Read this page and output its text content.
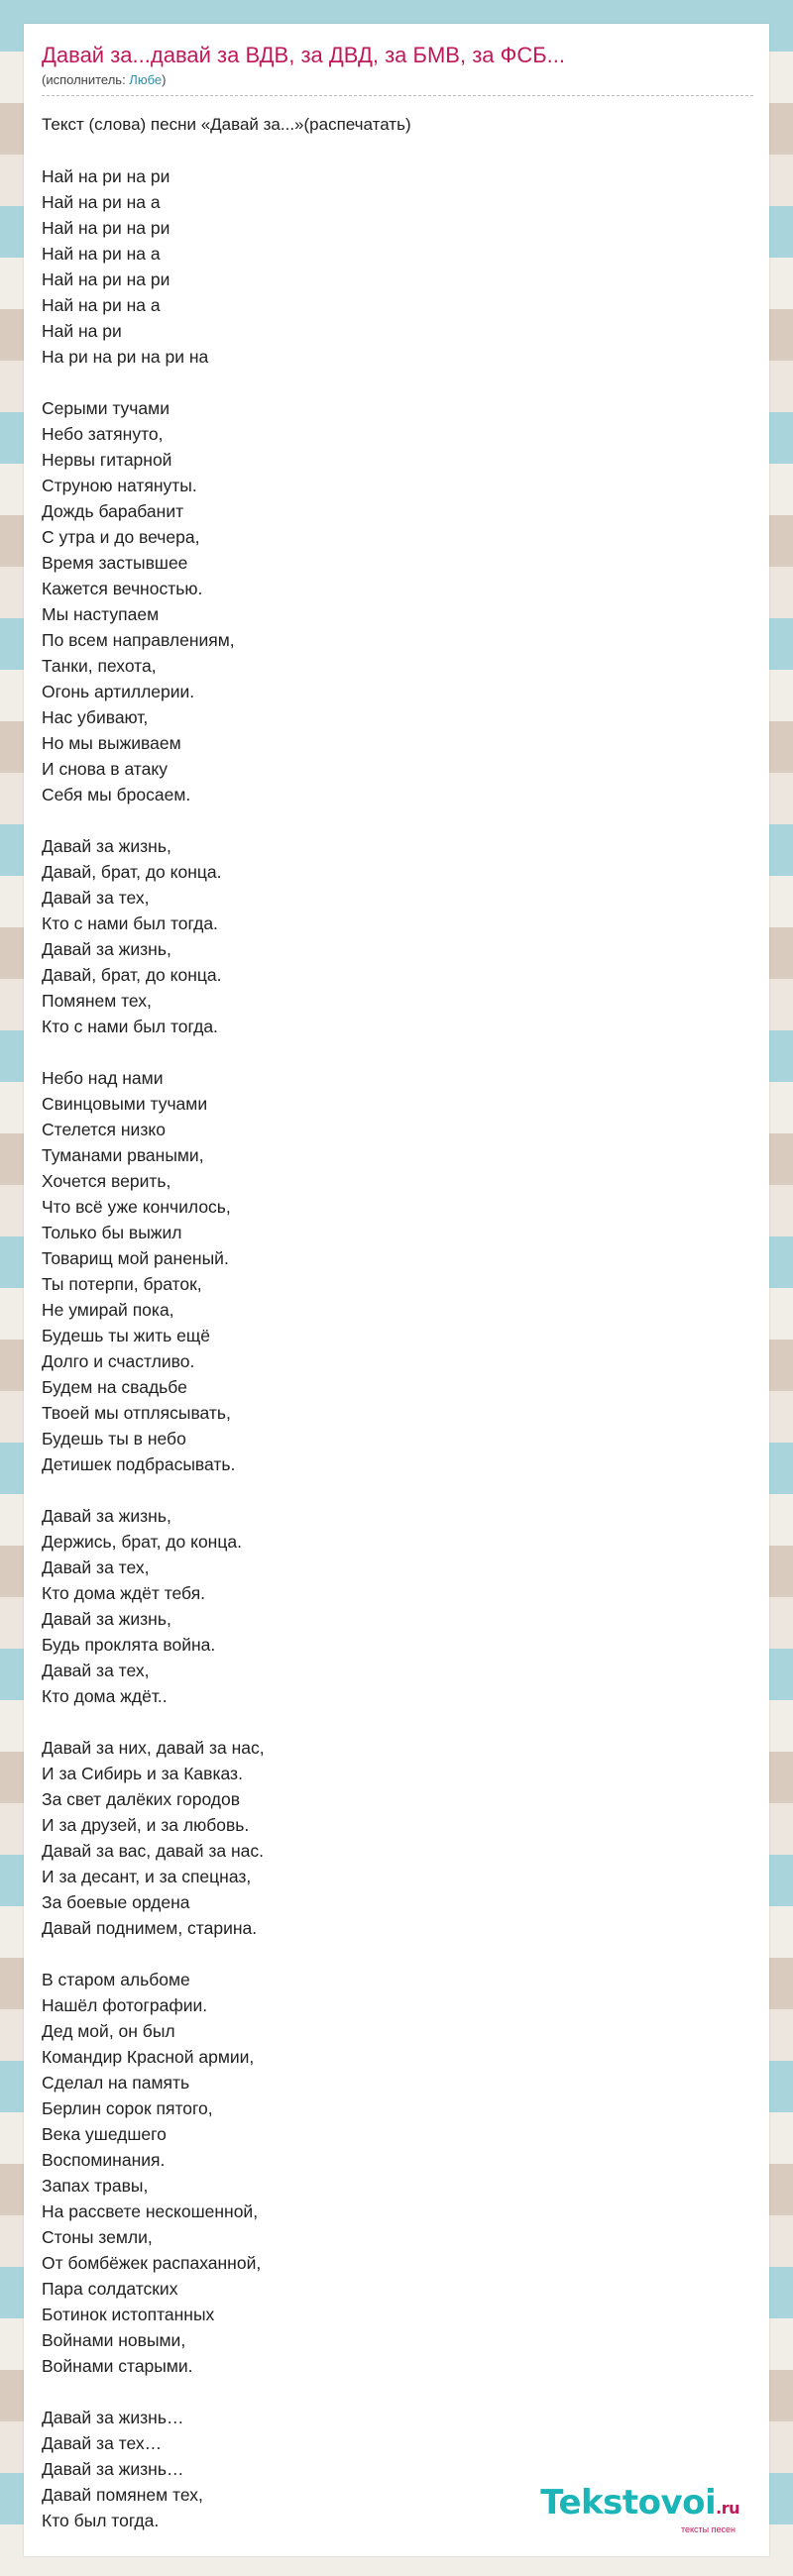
Давай за...давай за ВДВ, за ДВД, за БМВ, за ФСБ...
(исполнитель: Любе)
Текст (слова) песни «Давай за...»(распечатать)
Най на ри на ри
Най на ри на а
Най на ри на ри
Най на ри на а
Най на ри на ри
Най на ри на а
Най на ри
На ри на ри на ри на
Серыми тучами
Небо затянуто,
Нервы гитарной
Струною натянуты.
Дождь барабанит
С утра и до вечера,
Время застывшее
Кажется вечностью.
Мы наступаем
По всем направлениям,
Танки, пехота,
Огонь артиллерии.
Нас убивают,
Но мы выживаем
И снова в атаку
Себя мы бросаем.
Давай за жизнь,
Давай, брат, до конца.
Давай за тех,
Кто с нами был тогда.
Давай за жизнь,
Давай, брат, до конца.
Помянем тех,
Кто с нами был тогда.
Небо над нами
Свинцовыми тучами
Стелется низко
Туманами рваными,
Хочется верить,
Что всё уже кончилось,
Только бы выжил
Товарищ мой раненый.
Ты потерпи, браток,
Не умирай пока,
Будешь ты жить ещё
Долго и счастливо.
Будем на свадьбе
Твоей мы отплясывать,
Будешь ты в небо
Детишек подбрасывать.
Давай за жизнь,
Держись, брат, до конца.
Давай за тех,
Кто дома ждёт тебя.
Давай за жизнь,
Будь проклята война.
Давай за тех,
Кто дома ждёт..
Давай за них, давай за нас,
И за Сибирь и за Кавказ.
За свет далёких городов
И за друзей, и за любовь.
Давай за вас, давай за нас.
И за десант, и за спецназ,
За боевые ордена
Давай поднимем, старина.
В старом альбоме
Нашёл фотографии.
Дед мой, он был
Командир Красной армии,
Сделал на память
Берлин сорок пятого,
Века ушедшего
Воспоминания.
Запах травы,
На рассвете нескошенной,
Стоны земли,
От бомбёжек распаханной,
Пара солдатских
Ботинок истоптанных
Войнами новыми,
Войнами старыми.
Давай за жизнь…
Давай за тех…
Давай за жизнь…
Давай помянем тех,
Кто был тогда.	Tekstovoi.ru
тексты песен
